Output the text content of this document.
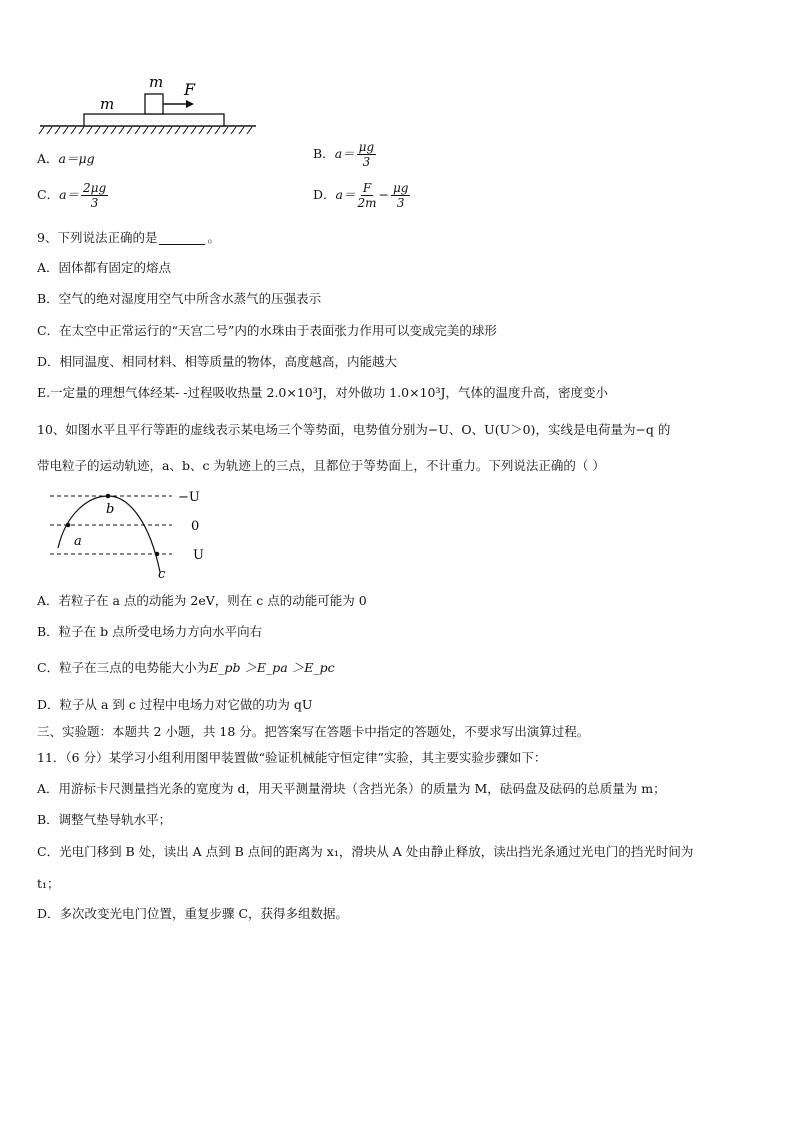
m F
m
A．a＝μg	B．$a= \frac{\mu g}{3}$
C．$a= \frac{2\mu g}{3}$	D．$a= \frac{F}{2m} - \frac{\mu g}{3}$
9、下列说法正确的是	。
A．固体都有固定的熔点
B．空气的绝对湿度用空气中所含水蒸气的压强表示
C．在太空中正常运行的“天宫二号”内的水珠由于表面张力作用可以变成完美的球形
D．相同温度、相同材料、相等质量的物体，高度越高，内能越大
E.一定量的理想气体经某- -过程吸收热量 2.0×10³J，对外做功 1.0×10³J，气体的温度升高，密度变小
10、如图水平且平行等距的虚线表示某电场三个等势面，电势值分别为−U、O、U(U＞0)，实线是电荷量为−q 的
带电粒子的运动轨迹，a、b、c 为轨迹上的三点，且都位于等势面上，不计重力。下列说法正确的（ ）
−U
0
U
b
a
c
A．若粒子在 a 点的动能为 2eV，则在 c 点的动能可能为 0
B．粒子在 b 点所受电场力方向水平向右
C．粒子在三点的电势能大小为E_pb ＞E_pa ＞E_pc
D．粒子从 a 到 c 过程中电场力对它做的功为 qU
三、实验题：本题共 2 小题，共 18 分。把答案写在答题卡中指定的答题处，不要求写出演算过程。
11．（6 分）某学习小组利用图甲装置做“验证机械能守恒定律”实验，其主要实验步骤如下：
A．用游标卡尺测量挡光条的宽度为 d，用天平测量滑块（含挡光条）的质量为 M，砝码盘及砝码的总质量为 m；
B．调整气垫导轨水平；
C．光电门移到 B 处，读出 A 点到 B 点间的距离为 x₁，滑块从 A 处由静止释放，读出挡光条通过光电门的挡光时间为
t₁；
D．多次改变光电门位置，重复步骤 C，获得多组数据。
